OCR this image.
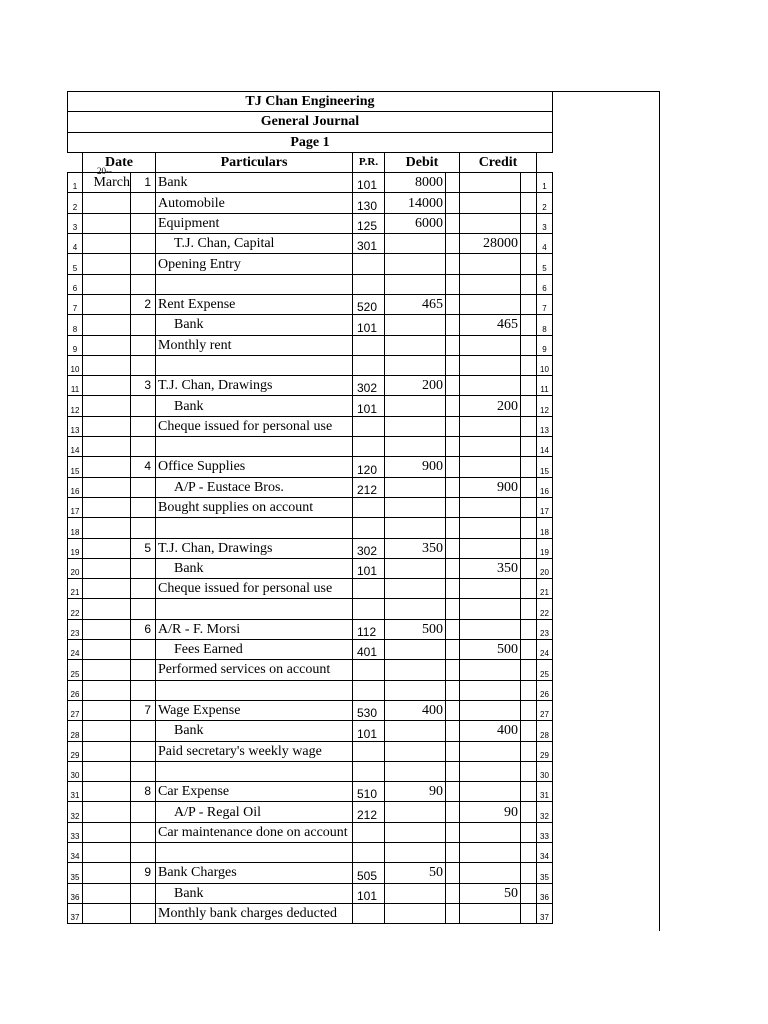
TJ Chan Engineering									
General Journal									
Page 1									
	Date		Particulars	P.R.	Debit		Credit		
1	March	1	Bank	101	8000				1
2			Automobile	130	14000				2
3			Equipment	125	6000				3
4			T.J. Chan, Capital	301			28000		4
5			Opening Entry						5
6									6
7		2	Rent Expense	520	465				7
8			Bank	101			465		8
9			Monthly rent						9
10									10
11		3	T.J. Chan, Drawings	302	200				11
12			Bank	101			200		12
13			Cheque issued for personal use						13
14									14
15		4	Office Supplies	120	900				15
16			A/P - Eustace Bros.	212			900		16
17			Bought supplies on account						17
18									18
19		5	T.J. Chan, Drawings	302	350				19
20			Bank	101			350		20
21			Cheque issued for personal use						21
22									22
23		6	A/R - F. Morsi	112	500				23
24			Fees Earned	401			500		24
25			Performed services on account						25
26									26
27		7	Wage Expense	530	400				27
28			Bank	101			400		28
29			Paid secretary's weekly wage						29
30									30
31		8	Car Expense	510	90				31
32			A/P - Regal Oil	212			90		32
33			Car maintenance done on account						33
34									34
35		9	Bank Charges	505	50				35
36			Bank	101			50		36
37			Monthly bank charges deducted						37
20--
